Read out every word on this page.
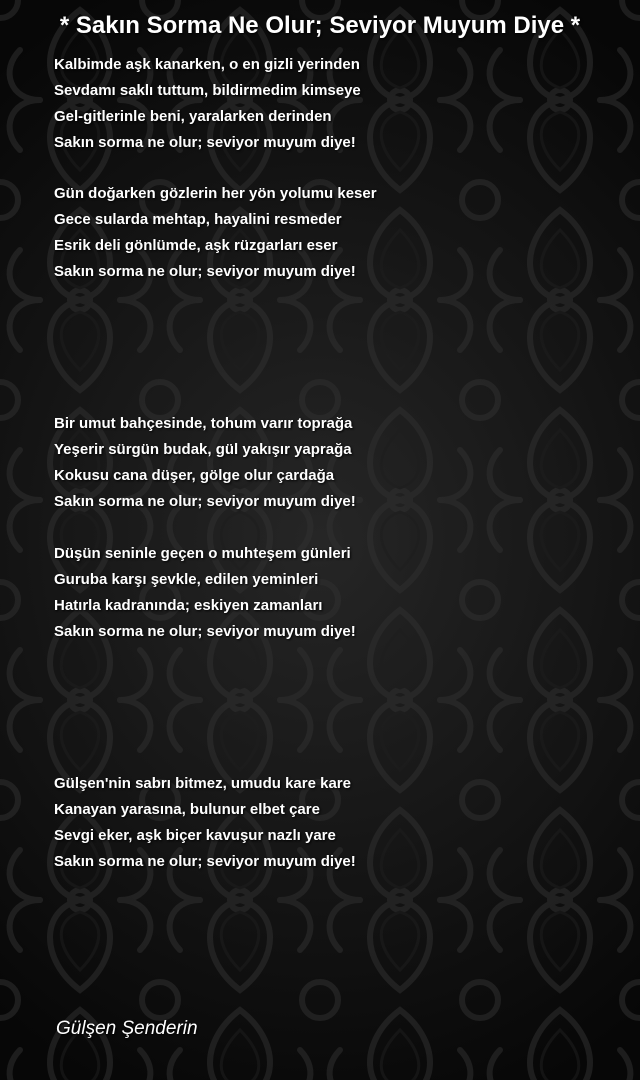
* Sakın Sorma Ne Olur; Seviyor Muyum Diye *
Kalbimde aşk kanarken, o en gizli yerinden
Sevdamı saklı tuttum, bildirmedim kimseye
Gel-gitlerinle beni, yaralarken derinden
Sakın sorma ne olur; seviyor muyum diye!
Gün doğarken gözlerin her yön yolumu keser
Gece sularda mehtap, hayalini resmeder
Esrik deli gönlümde, aşk rüzgarları eser
Sakın sorma ne olur; seviyor muyum diye!
Bir umut bahçesinde, tohum varır toprağa
Yeşerir sürgün budak, gül yakışır yaprağa
Kokusu cana düşer, gölge olur çardağa
Sakın sorma ne olur; seviyor muyum diye!
Düşün seninle geçen o muhteşem günleri
Guruba karşı şevkle, edilen yeminleri
Hatırla kadranında; eskiyen zamanları
Sakın sorma ne olur; seviyor muyum diye!
Gülşen'nin sabrı bitmez, umudu kare kare
Kanayan yarasına, bulunur elbet çare
Sevgi eker, aşk biçer kavuşur nazlı yare
Sakın sorma ne olur; seviyor muyum diye!
Gülşen Şenderin
